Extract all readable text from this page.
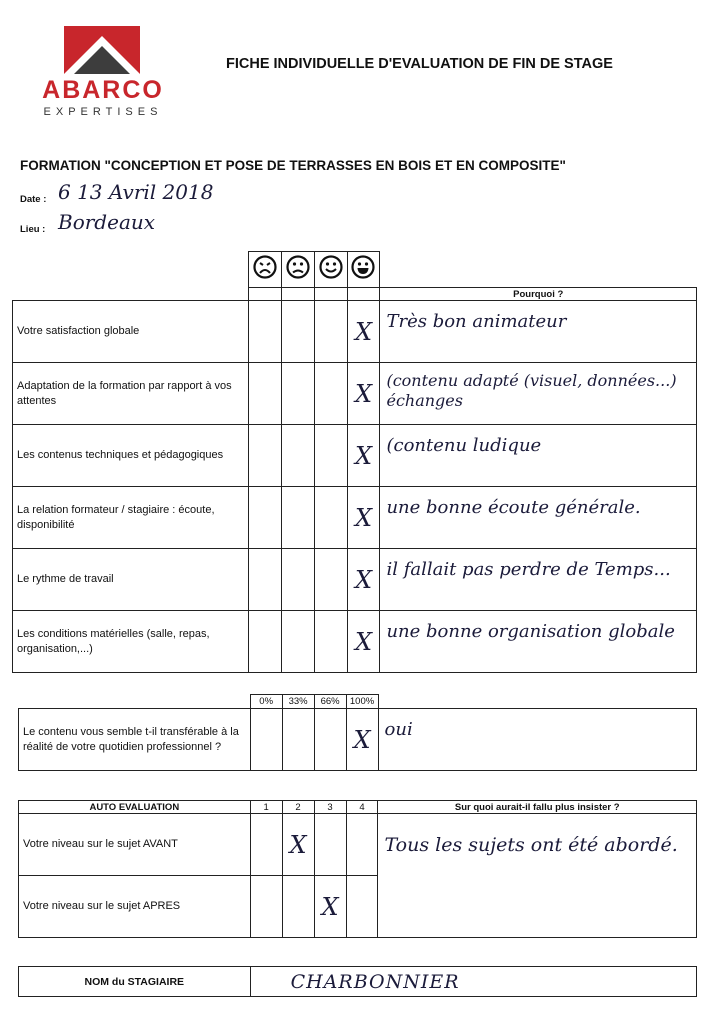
ABARCO
EXPERTISES
FICHE INDIVIDUELLE D'EVALUATION DE FIN DE STAGE
FORMATION "CONCEPTION ET POSE DE TERRASSES EN BOIS ET EN COMPOSITE"
Date : 6 13 Avril 2018
Lieu : Bordeaux

					Pourquoi ?
Votre satisfaction globale				X	Très bon animateur
Adaptation de la formation par rapport à vos attentes				X	(contenu adapté (visuel, données...) échanges
Les contenus techniques et pédagogiques				X	(contenu ludique
La relation formateur / stagiaire : écoute, disponibilité				X	une bonne écoute générale.
Le rythme de travail				X	il fallait pas perdre de Temps...
Les conditions matérielles (salle, repas, organisation,...)				X	une bonne organisation globale
	0%	33%	66%	100%	
Le contenu vous semble t-il transférable à la réalité de votre quotidien professionnel ?				X	oui
AUTO EVALUATION	1	2	3	4	Sur quoi aurait-il fallu plus insister ?
Votre niveau sur le sujet AVANT		X			Tous les sujets ont été abordé.
Votre niveau sur le sujet APRES			X		
NOM du STAGIAIRE	CHARBONNIER
